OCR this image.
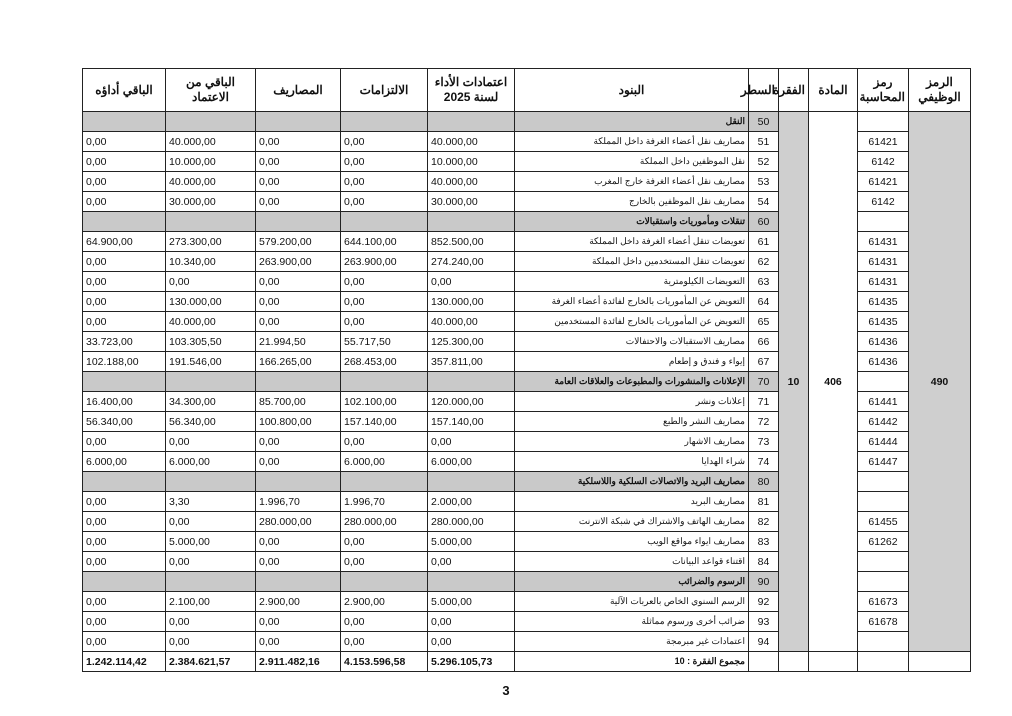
الرمز الوظيفي	رمز المحاسبة	المادة	الفقرة	السطر	البنود	اعتمادات الأداء لسنة 2025	الالتزامات	المصاريف	الباقي من الاعتماد	الباقي أداؤه
490		406	10	50	النقل					
	61421			51	مصاريف نقل أعضاء الغرفة داخل المملكة	40.000,00	0,00	0,00	40.000,00	0,00
	6142			52	نقل الموظفين داخل المملكة	10.000,00	0,00	0,00	10.000,00	0,00
	61421			53	مصاريف نقل أعضاء الغرفة خارج المغرب	40.000,00	0,00	0,00	40.000,00	0,00
	6142			54	مصاريف نقل الموظفين بالخارج	30.000,00	0,00	0,00	30.000,00	0,00
				60	تنقلات ومأموريات واستقبالات					
	61431			61	تعويضات تنقل أعضاء الغرفة داخل المملكة	852.500,00	644.100,00	579.200,00	273.300,00	64.900,00
	61431			62	تعويضات تنقل المستخدمين داخل المملكة	274.240,00	263.900,00	263.900,00	10.340,00	0,00
	61431			63	التعويضات الكيلومترية	0,00	0,00	0,00	0,00	0,00
	61435			64	التعويض عن المأموريات بالخارج لفائدة أعضاء الغرفة	130.000,00	0,00	0,00	130.000,00	0,00
	61435			65	التعويض عن المأموريات بالخارج لفائدة المستخدمين	40.000,00	0,00	0,00	40.000,00	0,00
	61436			66	مصاريف الاستقبالات والاحتفالات	125.300,00	55.717,50	21.994,50	103.305,50	33.723,00
	61436			67	إيواء و فندق و إطعام	357.811,00	268.453,00	166.265,00	191.546,00	102.188,00
				70	الإعلانات والمنشورات والمطبوعات والعلاقات العامة					
	61441			71	إعلانات ونشر	120.000,00	102.100,00	85.700,00	34.300,00	16.400,00
	61442			72	مصاريف النشر والطبع	157.140,00	157.140,00	100.800,00	56.340,00	56.340,00
	61444			73	مصاريف الاشهار	0,00	0,00	0,00	0,00	0,00
	61447			74	شراء الهدايا	6.000,00	6.000,00	0,00	6.000,00	6.000,00
				80	مصاريف البريد والاتصالات السلكية واللاسلكية					
				81	مصاريف البريد	2.000,00	1.996,70	1.996,70	3,30	0,00
	61455			82	مصاريف الهاتف والاشتراك في شبكة الانترنت	280.000,00	280.000,00	280.000,00	0,00	0,00
	61262			83	مصاريف ايواء مواقع الويب	5.000,00	0,00	0,00	5.000,00	0,00
				84	اقتناء قواعد البيانات	0,00	0,00	0,00	0,00	0,00
				90	الرسوم والضرائب					
	61673			92	الرسم السنوي الخاص بالعربات الآلية	5.000,00	2.900,00	2.900,00	2.100,00	0,00
	61678			93	ضرائب أخرى ورسوم مماثلة	0,00	0,00	0,00	0,00	0,00
				94	اعتمادات غير مبرمجة	0,00	0,00	0,00	0,00	0,00
					مجموع الفقرة : 10	5.296.105,73	4.153.596,58	2.911.482,16	2.384.621,57	1.242.114,42
3
